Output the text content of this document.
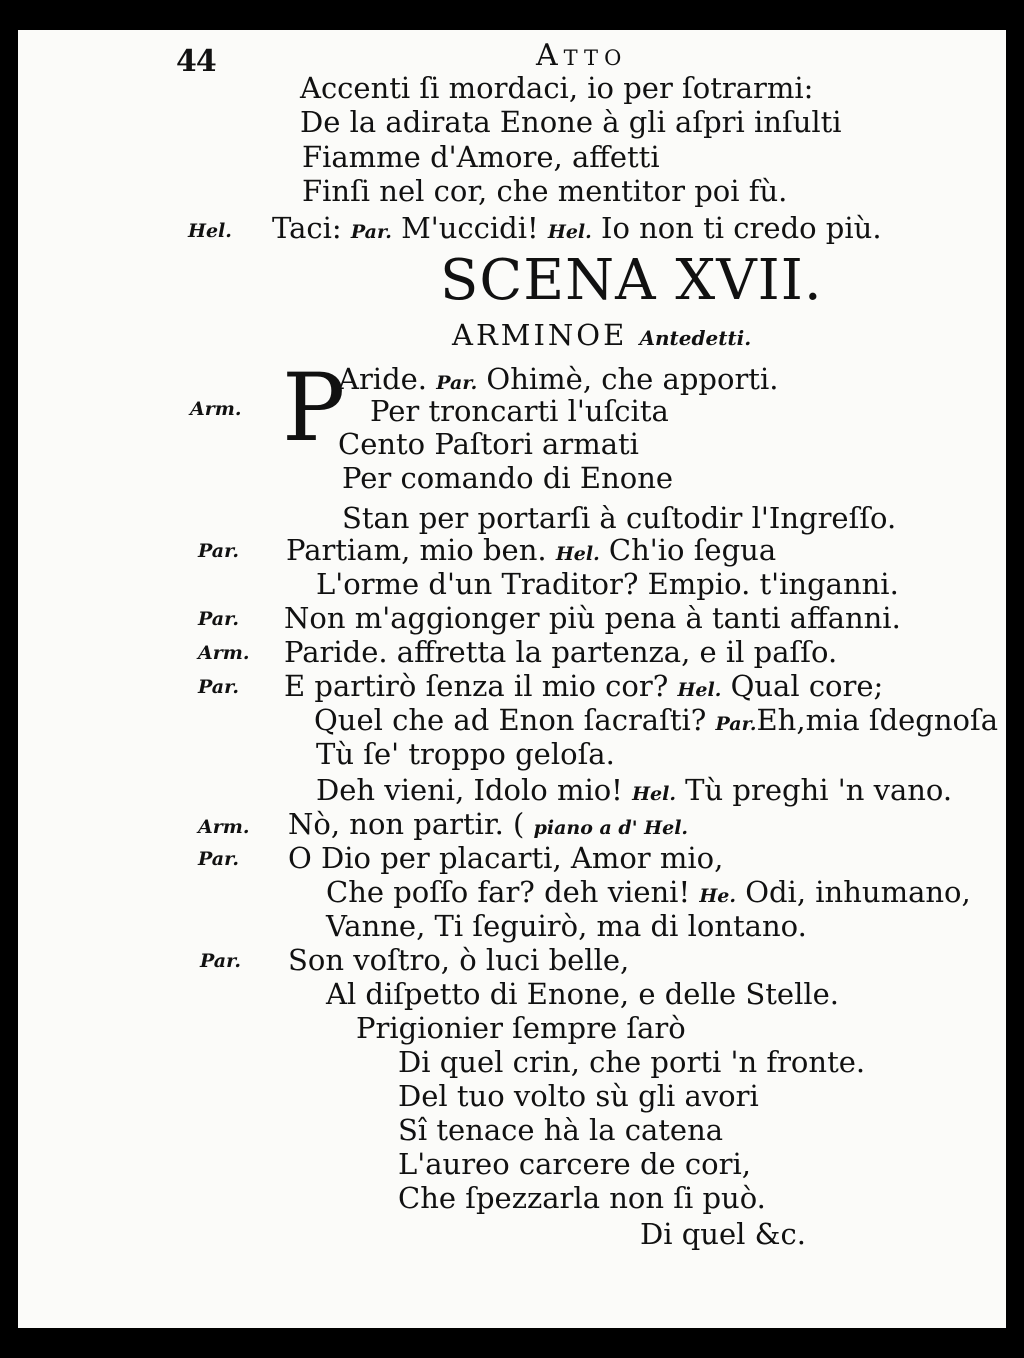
44	Atto
Accenti ſi mordaci, io per ſotrarmi:
De la adirata Enone à gli aſpri inſulti
Fiamme d'Amore, affetti
Finſi nel cor, che mentitor poi fù.
Hel. Taci: Par. M'uccidi! Hel. Io non ti credo più.
SCENA XVII.
ARMINOE Antedetti.
P
Aride. Par. Ohimè, che apporti.
Arm.	Per troncarti l'uſcita
Cento Paſtori armati
Per comando di Enone
Stan per portarſi à cuſtodir l'Ingreſſo.
Par. Partiam, mio ben. Hel. Ch'io ſegua
L'orme d'un Traditor? Empio. t'inganni.
Par. Non m'aggionger più pena à tanti affanni.
Arm. Paride. affretta la partenza, e il paſſo.
Par. E partirò ſenza il mio cor? Hel. Qual core;
Quel che ad Enon ſacraſti? Par.Eh,mia ſdegnoſa
Tù ſe' troppo geloſa.
Deh vieni, Idolo mio! Hel. Tù preghi 'n vano.
Arm. Nò, non partir. ( piano a d' Hel.
Par. O Dio per placarti, Amor mio,
Che poſſo far? deh vieni! He. Odi, inhumano,
Vanne, Ti ſeguirò, ma di lontano.
Par. Son voſtro, ò luci belle,
Al diſpetto di Enone, e delle Stelle.
Prigionier ſempre ſarò
Di quel crin, che porti 'n fronte.
Del tuo volto sù gli avori
Sî tenace hà la catena
L'aureo carcere de cori,
Che ſpezzarla non ſi può.
Di quel &c.
